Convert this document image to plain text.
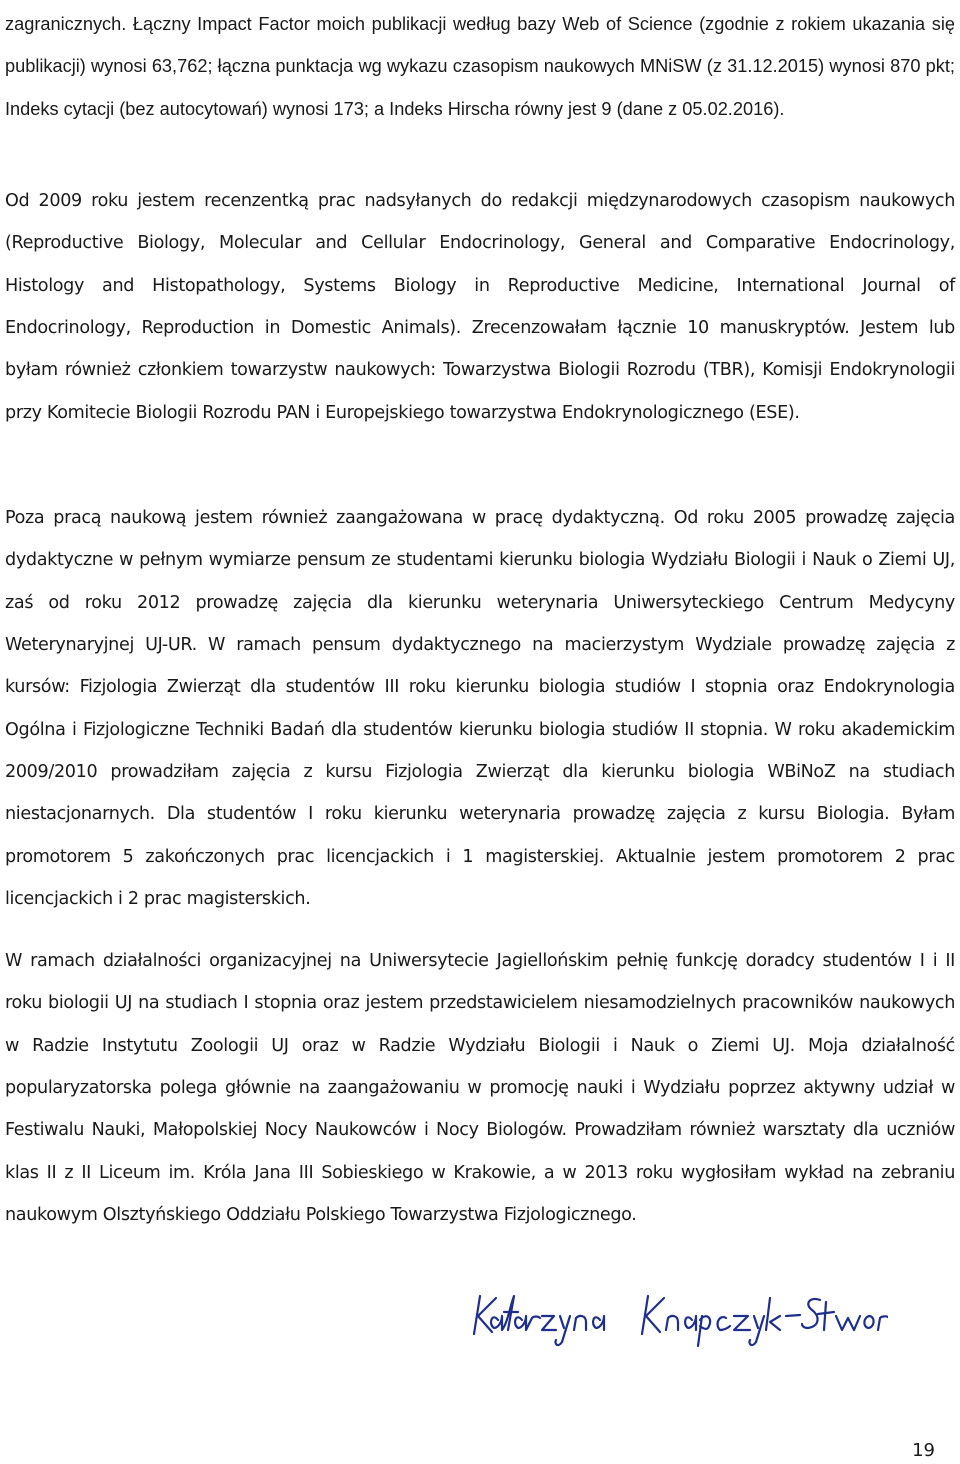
zagranicznych. Łączny Impact Factor moich publikacji według bazy Web of Science (zgodnie z rokiem ukazania się publikacji) wynosi 63,762; łączna punktacja wg wykazu czasopism naukowych MNiSW (z 31.12.2015) wynosi 870 pkt; Indeks cytacji (bez autocytowań) wynosi 173; a Indeks Hirscha równy jest 9 (dane z 05.02.2016).

Od 2009 roku jestem recenzentką prac nadsyłanych do redakcji międzynarodowych czasopism naukowych (Reproductive Biology, Molecular and Cellular Endocrinology, General and Comparative Endocrinology, Histology and Histopathology, Systems Biology in Reproductive Medicine, International Journal of Endocrinology, Reproduction in Domestic Animals). Zrecenzowałam łącznie 10 manuskryptów. Jestem lub byłam również członkiem towarzystw naukowych: Towarzystwa Biologii Rozrodu (TBR), Komisji Endokrynologii przy Komitecie Biologii Rozrodu PAN i Europejskiego towarzystwa Endokrynologicznego (ESE).

Poza pracą naukową jestem również zaangażowana w pracę dydaktyczną. Od roku 2005 prowadzę zajęcia dydaktyczne w pełnym wymiarze pensum ze studentami kierunku biologia Wydziału Biologii i Nauk o Ziemi UJ, zaś od roku 2012 prowadzę zajęcia dla kierunku weterynaria Uniwersyteckiego Centrum Medycyny Weterynaryjnej UJ-UR. W ramach pensum dydaktycznego na macierzystym Wydziale prowadzę zajęcia z kursów: Fizjologia Zwierząt dla studentów III roku kierunku biologia studiów I stopnia oraz Endokrynologia Ogólna i Fizjologiczne Techniki Badań dla studentów kierunku biologia studiów II stopnia. W roku akademickim 2009/2010 prowadziłam zajęcia z kursu Fizjologia Zwierząt dla kierunku biologia WBiNoZ na studiach niestacjonarnych. Dla studentów I roku kierunku weterynaria prowadzę zajęcia z kursu Biologia. Byłam promotorem 5 zakończonych prac licencjackich i 1 magisterskiej. Aktualnie jestem promotorem 2 prac licencjackich i 2 prac magisterskich.

W ramach działalności organizacyjnej na Uniwersytecie Jagiellońskim pełnię funkcję doradcy studentów I i II roku biologii UJ na studiach I stopnia oraz jestem przedstawicielem niesamodzielnych pracowników naukowych w Radzie Instytutu Zoologii UJ oraz w Radzie Wydziału Biologii i Nauk o Ziemi UJ. Moja działalność popularyzatorska polega głównie na zaangażowaniu w promocję nauki i Wydziału poprzez aktywny udział w Festiwalu Nauki, Małopolskiej Nocy Naukowców i Nocy Biologów. Prowadziłam również warsztaty dla uczniów klas II z II Liceum im. Króla Jana III Sobieskiego w Krakowie, a w 2013 roku wygłosiłam wykład na zebraniu naukowym Olsztyńskiego Oddziału Polskiego Towarzystwa Fizjologicznego.

19
